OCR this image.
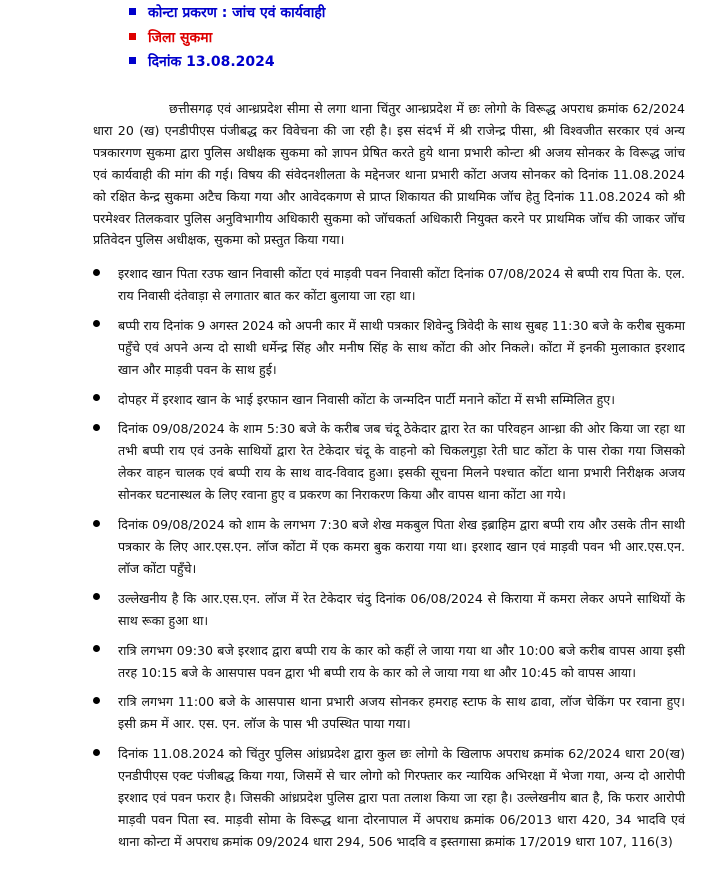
कोन्टा प्रकरण : जांच एवं कार्यवाही
जिला सुकमा
दिनांक 13.08.2024

छत्तीसगढ़ एवं आन्ध्रप्रदेश सीमा से लगा थाना चिंतुर आन्ध्रप्रदेश में छः लोगो के विरूद्ध अपराध क्रमांक 62/2024 धारा 20 (ख) एनडीपीएस पंजीबद्ध कर विवेचना की जा रही है। इस संदर्भ में श्री राजेन्द्र पीसा, श्री विश्वजीत सरकार एवं अन्य पत्रकारगण सुकमा द्वारा पुलिस अधीक्षक सुकमा को ज्ञापन प्रेषित करते हुये थाना प्रभारी कोन्टा श्री अजय सोनकर के विरूद्ध जांच एवं कार्यवाही की मांग की गई। विषय की संवेदनशीलता के मद्देनजर थाना प्रभारी कोंटा अजय सोनकर को दिनांक 11.08.2024 को रक्षित केन्द्र सुकमा अटैच किया गया और आवेदकगण से प्राप्त शिकायत की प्राथमिक जॉच हेतु दिनांक 11.08.2024 को श्री परमेश्वर तिलकवार पुलिस अनुविभागीय अधिकारी सुकमा को जॉचकर्ता अधिकारी नियुक्त करने पर प्राथमिक जॉच की जाकर जॉच प्रतिवेदन पुलिस अधीक्षक, सुकमा को प्रस्तुत किया गया।

इरशाद खान पिता रउफ खान निवासी कोंटा एवं माड़वी पवन निवासी कोंटा दिनांक 07/08/2024 से बप्पी राय पिता के. एल. राय निवासी दंतेवाड़ा से लगातार बात कर कोंटा बुलाया जा रहा था।
बप्पी राय दिनांक 9 अगस्त 2024 को अपनी कार में साथी पत्रकार शिवेन्दु त्रिवेदी के साथ सुबह 11:30 बजे के करीब सुकमा पहुँचे एवं अपने अन्य दो साथी धर्मेन्द्र सिंह और मनीष सिंह के साथ कोंटा की ओर निकले। कोंटा में इनकी मुलाकात इरशाद खान और माड़वी पवन के साथ हुई।
दोपहर में इरशाद खान के भाई इरफान खान निवासी कोंटा के जन्मदिन पार्टी मनाने कोंटा में सभी सम्मिलित हुए।
दिनांक 09/08/2024 के शाम 5:30 बजे के करीब जब चंदू ठेकेदार द्वारा रेत का परिवहन आन्ध्रा की ओर किया जा रहा था तभी बप्पी राय एवं उनके साथियों द्वारा रेत टेकेदार चंदू के वाहनो को चिकलगुड़ा रेती घाट कोंटा के पास रोका गया जिसको लेकर वाहन चालक एवं बप्पी राय के साथ वाद-विवाद हुआ। इसकी सूचना मिलने पश्चात कोंटा थाना प्रभारी निरीक्षक अजय सोनकर घटनास्थल के लिए रवाना हुए व प्रकरण का निराकरण किया और वापस थाना कोंटा आ गये।
दिनांक 09/08/2024 को शाम के लगभग 7:30 बजे शेख मकबुल पिता शेख इब्राहिम द्वारा बप्पी राय और उसके तीन साथी पत्रकार के लिए आर.एस.एन. लॉज कोंटा में एक कमरा बुक कराया गया था। इरशाद खान एवं माड़वी पवन भी आर.एस.एन. लॉज कोंटा पहुँचे।
उल्लेखनीय है कि आर.एस.एन. लॉज में रेत टेकेदार चंदु दिनांक 06/08/2024 से किराया में कमरा लेकर अपने साथियों के साथ रूका हुआ था।
रात्रि लगभग 09:30 बजे इरशाद द्वारा बप्पी राय के कार को कहीं ले जाया गया था और 10:00 बजे करीब वापस आया इसी तरह 10:15 बजे के आसपास पवन द्वारा भी बप्पी राय के कार को ले जाया गया था और 10:45 को वापस आया।
रात्रि लगभग 11:00 बजे के आसपास थाना प्रभारी अजय सोनकर हमराह स्टाफ के साथ ढावा, लॉज चेकिंग पर रवाना हुए। इसी क्रम में आर. एस. एन. लॉज के पास भी उपस्थित पाया गया।
दिनांक 11.08.2024 को चिंतुर पुलिस आंध्रप्रदेश द्वारा कुल छः लोगो के खिलाफ अपराध क्रमांक 62/2024 धारा 20(ख) एनडीपीएस एक्ट पंजीबद्ध किया गया, जिसमें से चार लोगो को गिरफ्तार कर न्यायिक अभिरक्षा में भेजा गया, अन्य दो आरोपी इरशाद एवं पवन फरार है। जिसकी आंध्रप्रदेश पुलिस द्वारा पता तलाश किया जा रहा है। उल्लेखनीय बात है, कि फरार आरोपी माड़वी पवन पिता स्व. माड़वी सोमा के विरूद्ध थाना दोरनापाल में अपराध क्रमांक 06/2013 धारा 420, 34 भादवि एवं थाना कोन्टा में अपराध क्रमांक 09/2024 धारा 294, 506 भादवि व इस्तगासा क्रमांक 17/2019 धारा 107, 116(3)
